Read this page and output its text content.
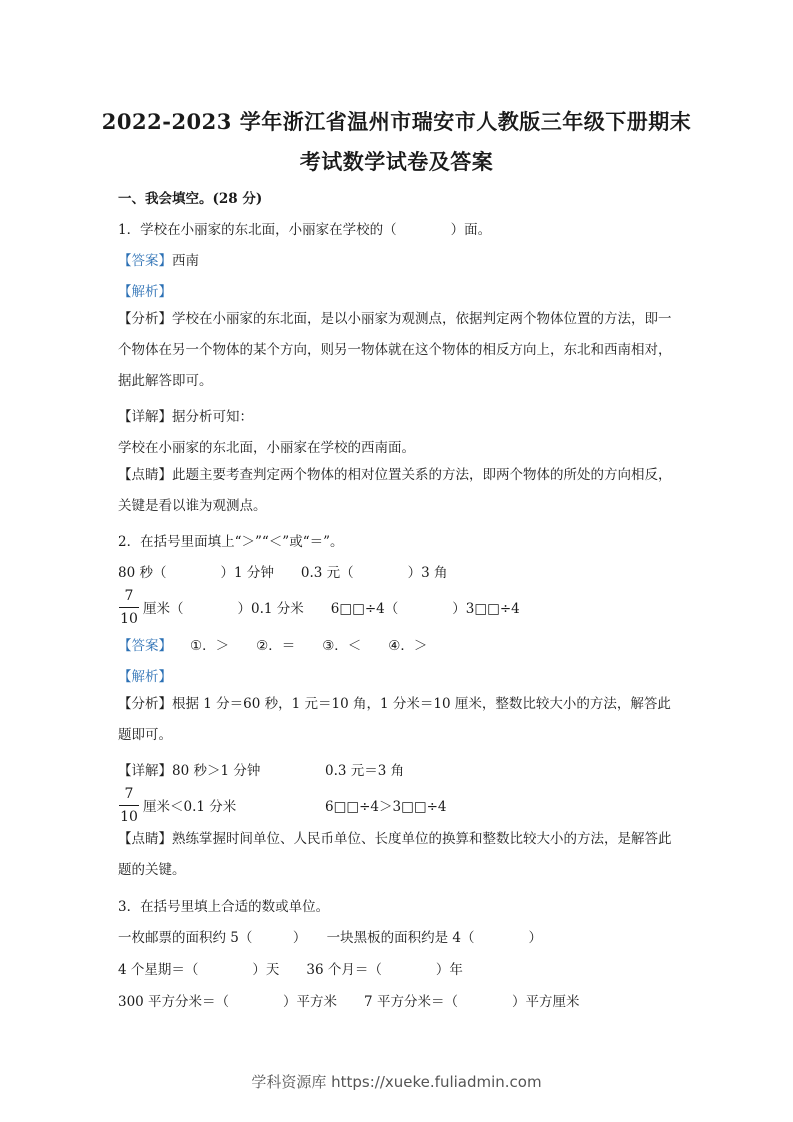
2022-2023 学年浙江省温州市瑞安市人教版三年级下册期末
考试数学试卷及答案
一、我会填空。(28 分)
1．学校在小丽家的东北面，小丽家在学校的（　　　　）面。
【答案】西南
【解析】
【分析】学校在小丽家的东北面，是以小丽家为观测点，依据判定两个物体位置的方法，即一个物体在另一个物体的某个方向，则另一物体就在这个物体的相反方向上，东北和西南相对，据此解答即可。
【详解】据分析可知：
学校在小丽家的东北面，小丽家在学校的西南面。
【点睛】此题主要考查判定两个物体的相对位置关系的方法，即两个物体的所处的方向相反，关键是看以谁为观测点。
2．在括号里面填上“＞”“＜”或“＝”。
80 秒（　　　　）1 分钟　　0.3 元（　　　　）3 角
7
10
厘米（　　　　）0.1 分米　　6□□÷4（　　　　）3□□÷4
【答案】 ①．＞　　②．＝　　③．＜　　④．＞
【解析】
【分析】根据 1 分＝60 秒，1 元＝10 角，1 分米＝10 厘米，整数比较大小的方法，解答此题即可。
【详解】80 秒＞1 分钟	0.3 元＝3 角
7
10
厘米＜0.1 分米	6□□÷4＞3□□÷4
【点睛】熟练掌握时间单位、人民币单位、长度单位的换算和整数比较大小的方法，是解答此题的关键。
3．在括号里填上合适的数或单位。
一枚邮票的面积约 5（　　　）　　一块黑板的面积约是 4（　　　　）
4 个星期＝（　　　　）天　　36 个月＝（　　　　）年
300 平方分米＝（　　　　）平方米　　7 平方分米＝（　　　　）平方厘米
学科资源库 https://xueke.fuliadmin.com
